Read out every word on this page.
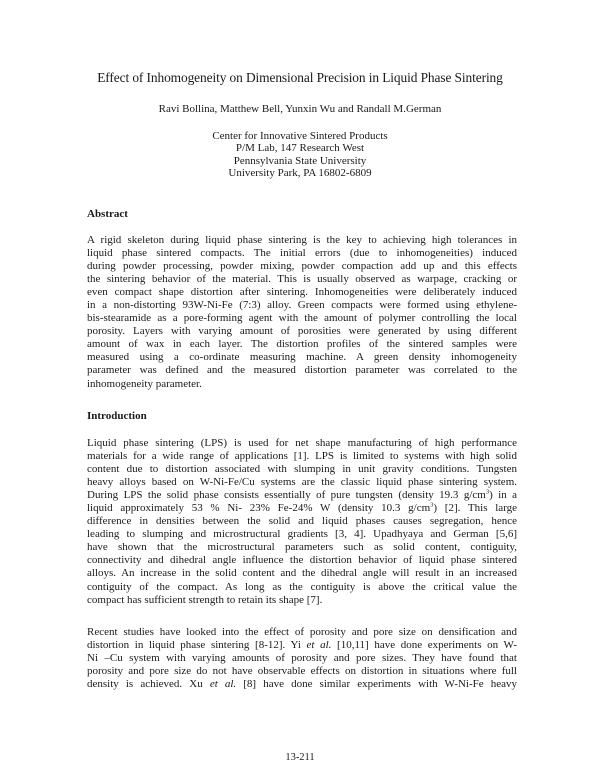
Effect of Inhomogeneity on Dimensional Precision in Liquid Phase Sintering
Ravi Bollina, Matthew Bell, Yunxin Wu and Randall M.German
Center for Innovative Sintered Products
P/M Lab, 147 Research West
Pennsylvania State University
University Park, PA 16802-6809
Abstract
A rigid skeleton during liquid phase sintering is the key to achieving high tolerances in
liquid phase sintered compacts. The initial errors (due to inhomogeneities) induced
during powder processing, powder mixing, powder compaction add up and this effects
the sintering behavior of the material. This is usually observed as warpage, cracking or
even compact shape distortion after sintering. Inhomogeneities were deliberately induced
in a non-distorting 93W-Ni-Fe (7:3) alloy. Green compacts were formed using ethylene-
bis-stearamide as a pore-forming agent with the amount of polymer controlling the local
porosity. Layers with varying amount of porosities were generated by using different
amount of wax in each layer. The distortion profiles of the sintered samples were
measured using a co-ordinate measuring machine. A green density inhomogeneity
parameter was defined and the measured distortion parameter was correlated to the
inhomogeneity parameter.
Introduction
Liquid phase sintering (LPS) is used for net shape manufacturing of high performance
materials for a wide range of applications [1]. LPS is limited to systems with high solid
content due to distortion associated with slumping in unit gravity conditions. Tungsten
heavy alloys based on W-Ni-Fe/Cu systems are the classic liquid phase sintering system.
During LPS the solid phase consists essentially of pure tungsten (density 19.3 $g/cm^3$) in a
liquid approximately 53 % Ni- 23% Fe-24% W (density 10.3 $g/cm^3$) [2]. This large
difference in densities between the solid and liquid phases causes segregation, hence
leading to slumping and microstructural gradients [3, 4]. Upadhyaya and German [5,6]
have shown that the microstructural parameters such as solid content, contiguity,
connectivity and dihedral angle influence the distortion behavior of liquid phase sintered
alloys. An increase in the solid content and the dihedral angle will result in an increased
contiguity of the compact. As long as the contiguity is above the critical value the
compact has sufficient strength to retain its shape [7].
Recent studies have looked into the effect of porosity and pore size on densification and
distortion in liquid phase sintering [8-12]. Yi et al. [10,11] have done experiments on W-
Ni –Cu system with varying amounts of porosity and pore sizes. They have found that
porosity and pore size do not have observable effects on distortion in situations where full
density is achieved. Xu et al. [8] have done similar experiments with W-Ni-Fe heavy
13-211
